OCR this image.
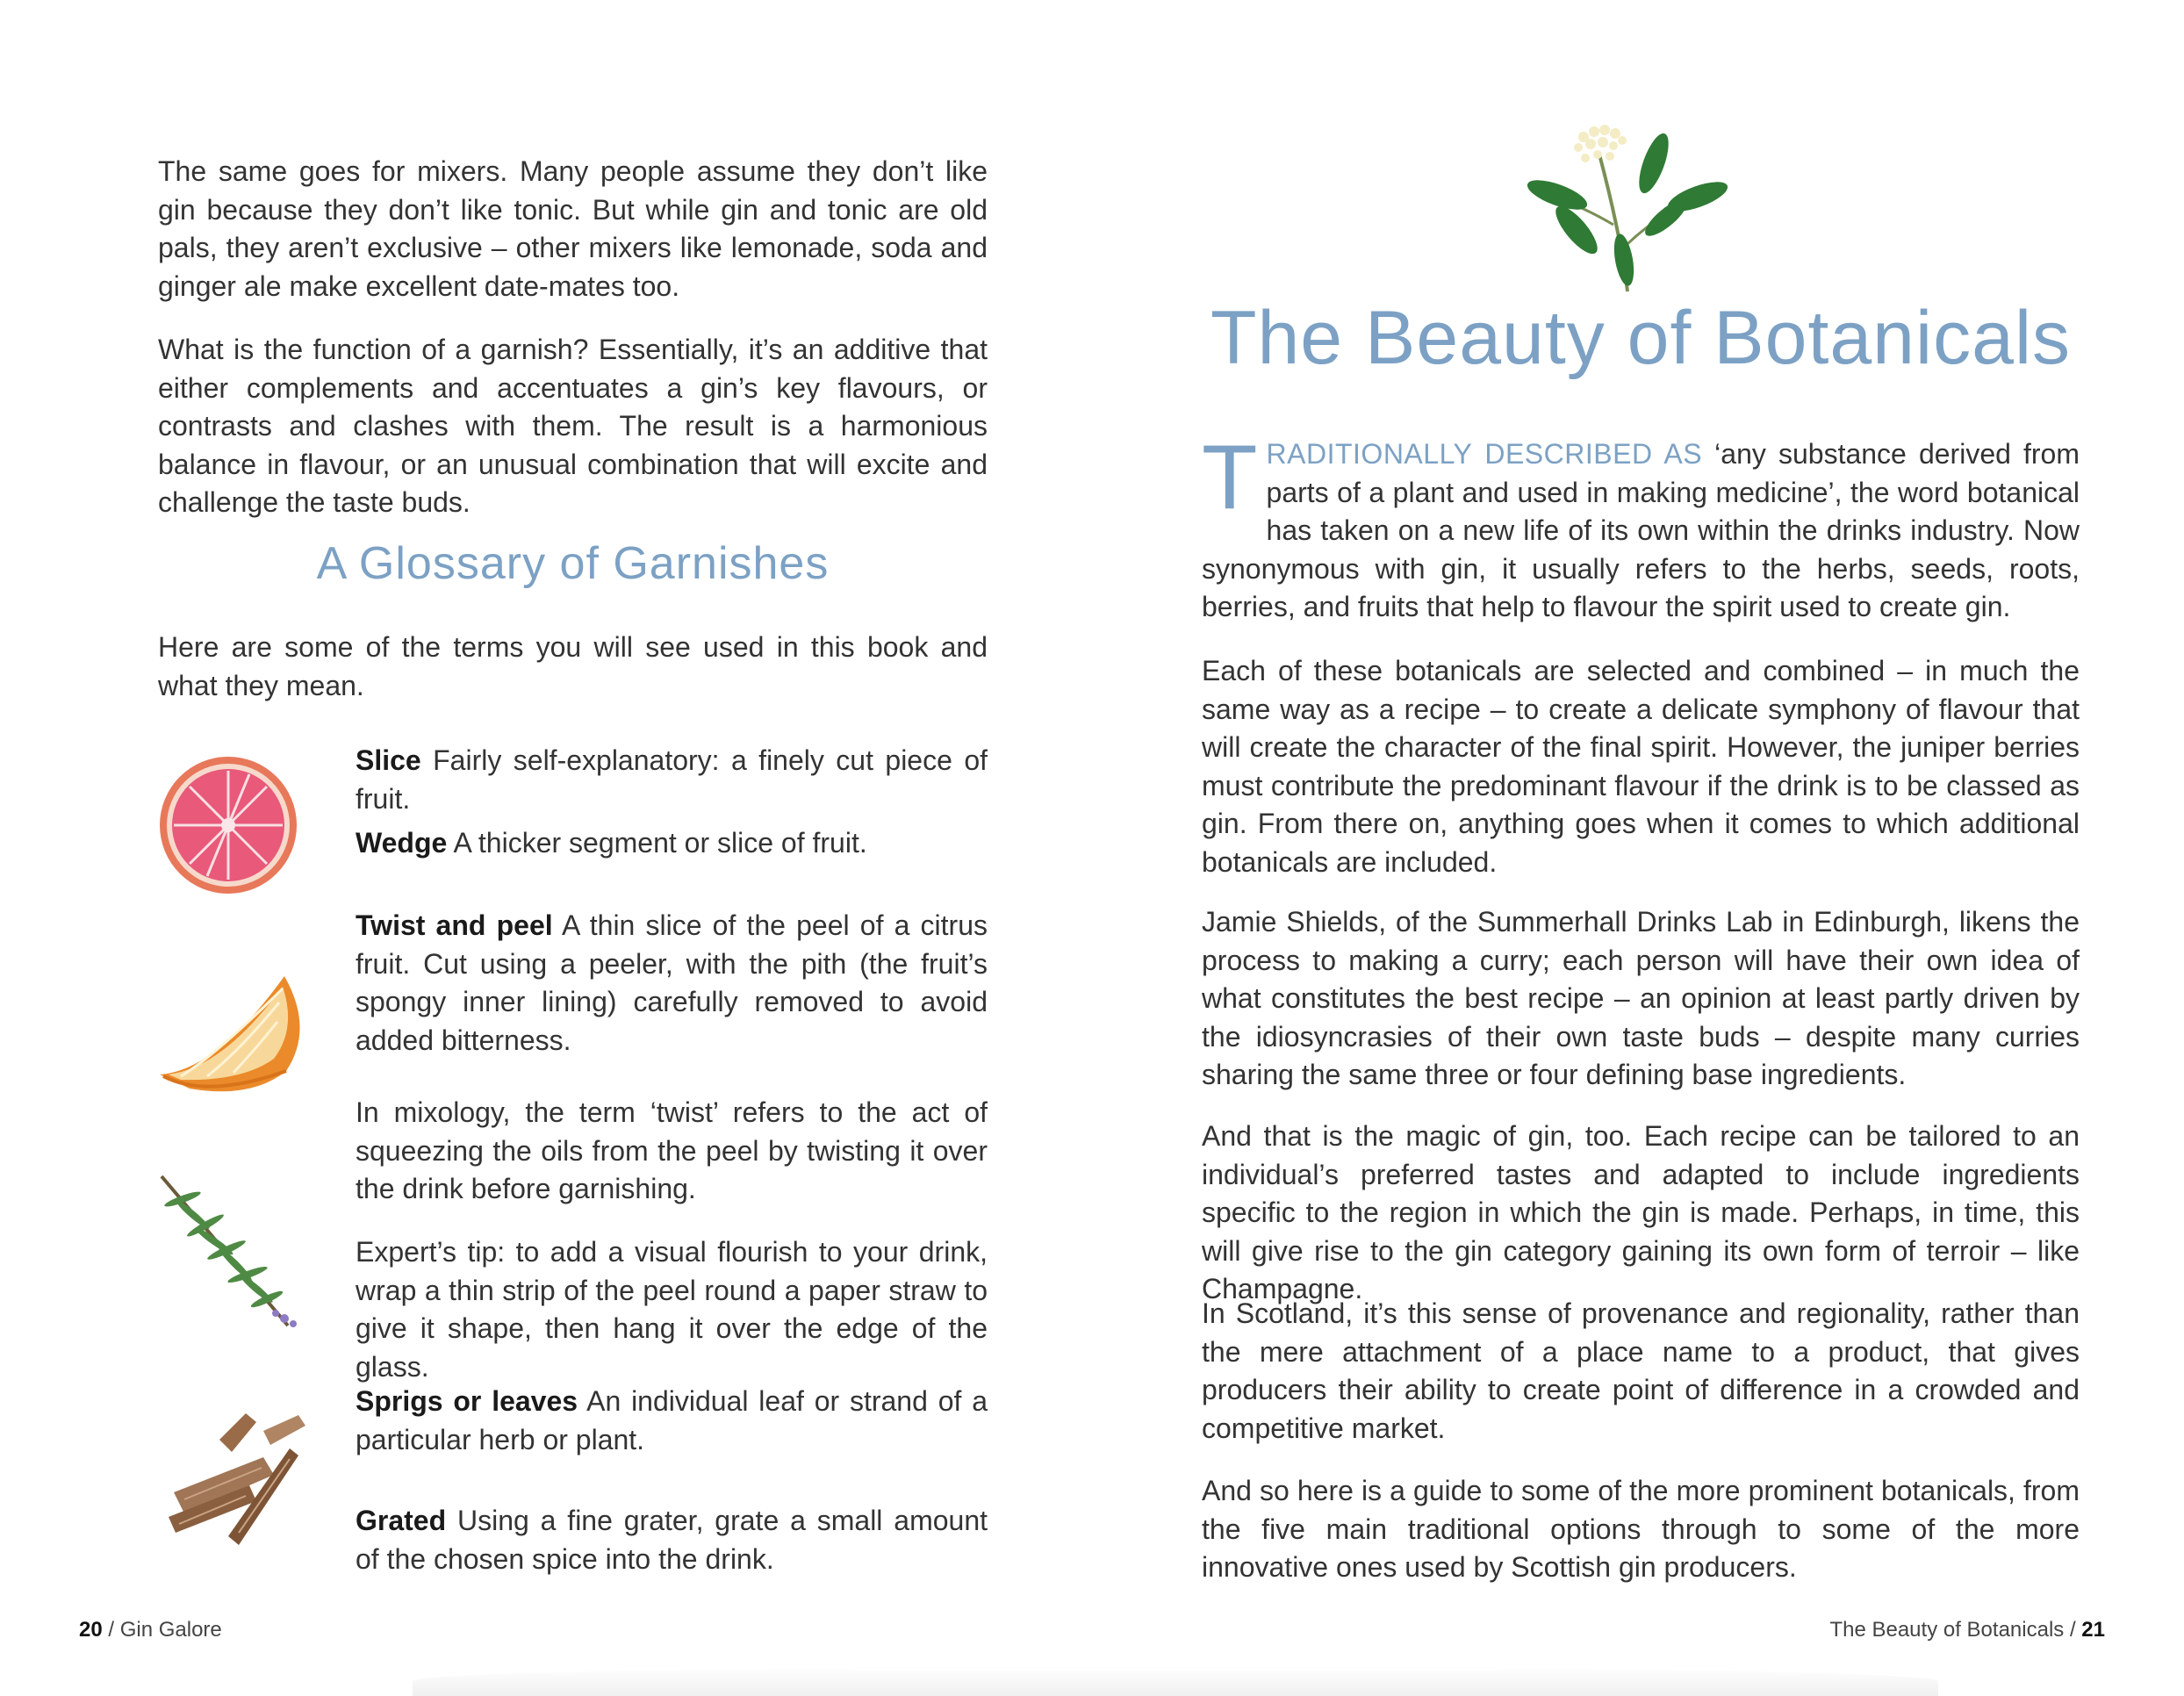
The same goes for mixers. Many people assume they don’t like gin because they don’t like tonic. But while gin and tonic are old pals, they aren’t exclusive – other mixers like lemonade, soda and ginger ale make excellent date-mates too.

What is the function of a garnish? Essentially, it’s an additive that either complements and accentuates a gin’s key flavours, or contrasts and clashes with them. The result is a harmonious balance in flavour, or an unusual combination that will excite and challenge the taste buds.

A Glossary of Garnishes

Here are some of the terms you will see used in this book and what they mean.

Slice Fairly self-explanatory: a finely cut piece of fruit.

Wedge A thicker segment or slice of fruit.

Twist and peel A thin slice of the peel of a citrus fruit. Cut using a peeler, with the pith (the fruit’s spongy inner lining) carefully removed to avoid added bitterness.

In mixology, the term ‘twist’ refers to the act of squeezing the oils from the peel by twisting it over the drink before garnishing.

Expert’s tip: to add a visual flourish to your drink, wrap a thin strip of the peel round a paper straw to give it shape, then hang it over the edge of the glass.

Sprigs or leaves An individual leaf or strand of a particular herb or plant.

Grated Using a fine grater, grate a small amount of the chosen spice into the drink.

20 / Gin Galore
The Beauty of Botanicals

TRADITIONALLY DESCRIBED AS ‘any substance derived from parts of a plant and used in making medicine’, the word botanical has taken on a new life of its own within the drinks industry. Now synonymous with gin, it usually refers to the herbs, seeds, roots, berries, and fruits that help to flavour the spirit used to create gin.

Each of these botanicals are selected and combined – in much the same way as a recipe – to create a delicate symphony of flavour that will create the character of the final spirit. However, the juniper berries must contribute the predominant flavour if the drink is to be classed as gin. From there on, anything goes when it comes to which additional botanicals are included.

Jamie Shields, of the Summerhall Drinks Lab in Edinburgh, likens the process to making a curry; each person will have their own idea of what constitutes the best recipe – an opinion at least partly driven by the idiosyncrasies of their own taste buds – despite many curries sharing the same three or four defining base ingredients.

And that is the magic of gin, too. Each recipe can be tailored to an individual’s preferred tastes and adapted to include ingredients specific to the region in which the gin is made. Perhaps, in time, this will give rise to the gin category gaining its own form of terroir – like Champagne.

In Scotland, it’s this sense of provenance and regionality, rather than the mere attachment of a place name to a product, that gives producers their ability to create point of difference in a crowded and competitive market.

And so here is a guide to some of the more prominent botanicals, from the five main traditional options through to some of the more innovative ones used by Scottish gin producers.

The Beauty of Botanicals / 21
